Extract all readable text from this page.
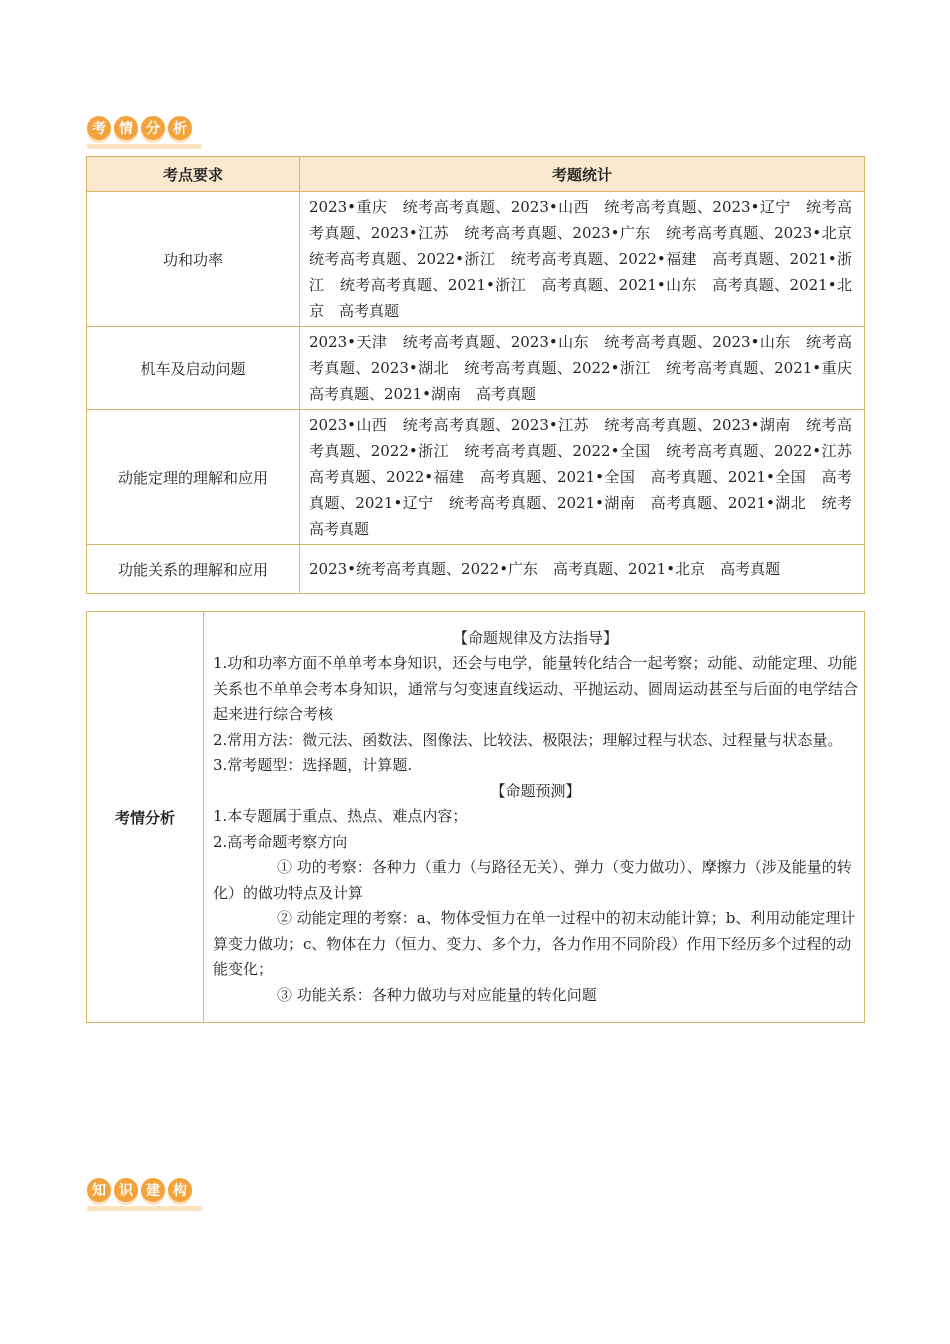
考 情 分 析
考点要求	考题统计
功和功率	2023•重庆　统考高考真题、2023•山西　统考高考真题、2023•辽宁　统考高考真题、2023•江苏　统考高考真题、2023•广东　统考高考真题、2023•北京　统考高考真题、2022•浙江　统考高考真题、2022•福建　高考真题、2021•浙江　统考高考真题、2021•浙江　高考真题、2021•山东　高考真题、2021•北京　高考真题
机车及启动问题	2023•天津　统考高考真题、2023•山东　统考高考真题、2023•山东　统考高考真题、2023•湖北　统考高考真题、2022•浙江　统考高考真题、2021•重庆　高考真题、2021•湖南　高考真题
动能定理的理解和应用	2023•山西　统考高考真题、2023•江苏　统考高考真题、2023•湖南　统考高考真题、2022•浙江　统考高考真题、2022•全国　统考高考真题、2022•江苏　高考真题、2022•福建　高考真题、2021•全国　高考真题、2021•全国　高考真题、2021•辽宁　统考高考真题、2021•湖南　高考真题、2021•湖北　统考高考真题
功能关系的理解和应用	2023•统考高考真题、2022•广东　高考真题、2021•北京　高考真题
考情分析	
【命题规律及方法指导】
1.功和功率方面不单单考本身知识，还会与电学，能量转化结合一起考察；动能、动能定理、功能关系也不单单会考本身知识，通常与匀变速直线运动、平抛运动、圆周运动甚至与后面的电学结合起来进行综合考核
2.常用方法：微元法、函数法、图像法、比较法、极限法；理解过程与状态、过程量与状态量。
3.常考题型：选择题，计算题.
【命题预测】
1.本专题属于重点、热点、难点内容；
2.高考命题考察方向
① 功的考察：各种力（重力（与路径无关）、弹力（变力做功）、摩擦力（涉及能量的转化）的做功特点及计算
② 动能定理的考察：a、物体受恒力在单一过程中的初末动能计算；b、利用动能定理计算变力做功；c、物体在力（恒力、变力、多个力，各力作用不同阶段）作用下经历多个过程的动能变化；
③ 功能关系：各种力做功与对应能量的转化问题
知 识 建 构
